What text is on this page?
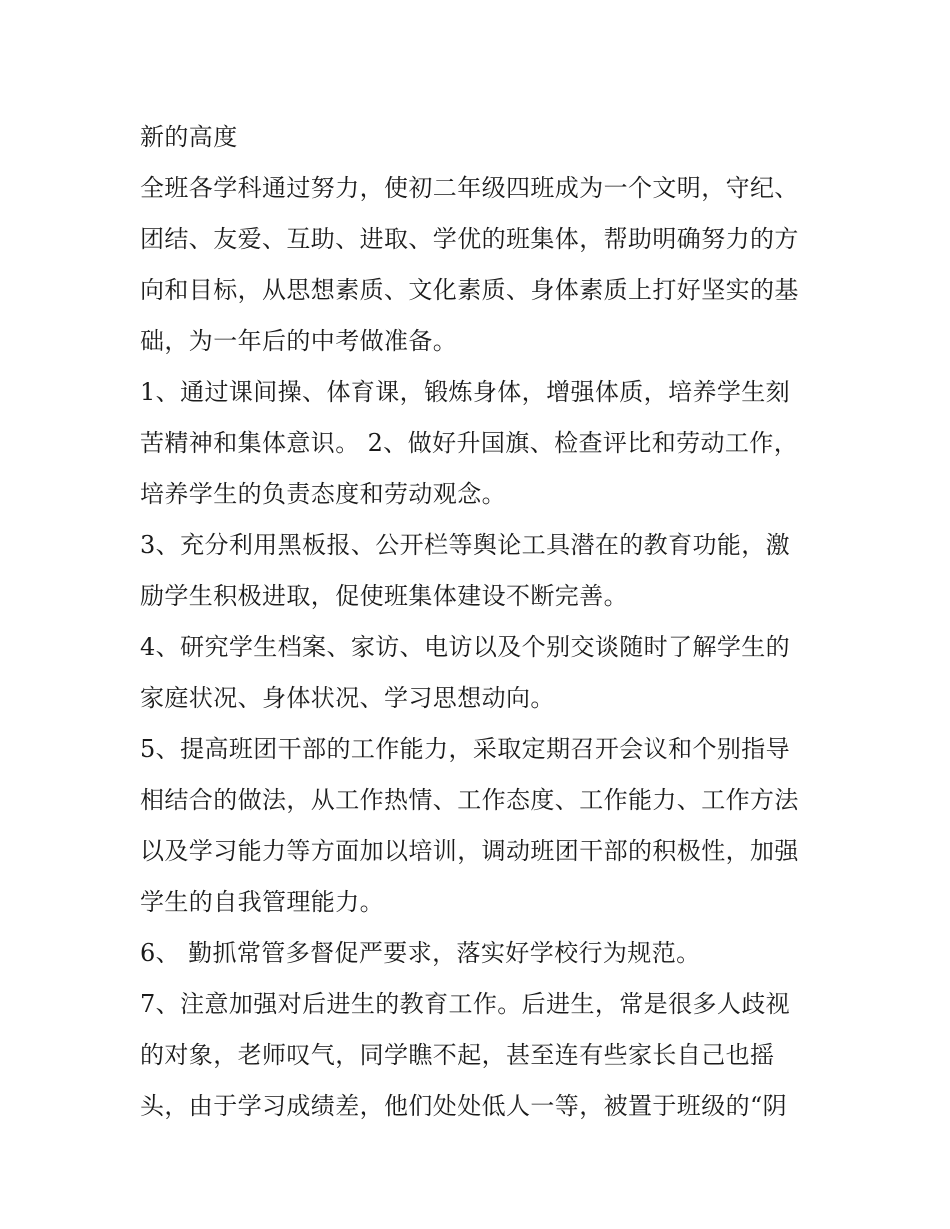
新的高度
全班各学科通过努力，使初二年级四班成为一个文明，守纪、
团结、友爱、互助、进取、学优的班集体，帮助明确努力的方
向和目标，从思想素质、文化素质、身体素质上打好坚实的基
础，为一年后的中考做准备。
1、通过课间操、体育课，锻炼身体，增强体质，培养学生刻
苦精神和集体意识。 2、做好升国旗、检查评比和劳动工作，
培养学生的负责态度和劳动观念。
3、充分利用黑板报、公开栏等舆论工具潜在的教育功能，激
励学生积极进取，促使班集体建设不断完善。
4、研究学生档案、家访、电访以及个别交谈随时了解学生的
家庭状况、身体状况、学习思想动向。
5、提高班团干部的工作能力，采取定期召开会议和个别指导
相结合的做法，从工作热情、工作态度、工作能力、工作方法
以及学习能力等方面加以培训，调动班团干部的积极性，加强
学生的自我管理能力。
6、 勤抓常管多督促严要求，落实好学校行为规范。
7、注意加强对后进生的教育工作。后进生，常是很多人歧视
的对象，老师叹气，同学瞧不起，甚至连有些家长自己也摇
头，由于学习成绩差，他们处处低人一等，被置于班级的“阴
